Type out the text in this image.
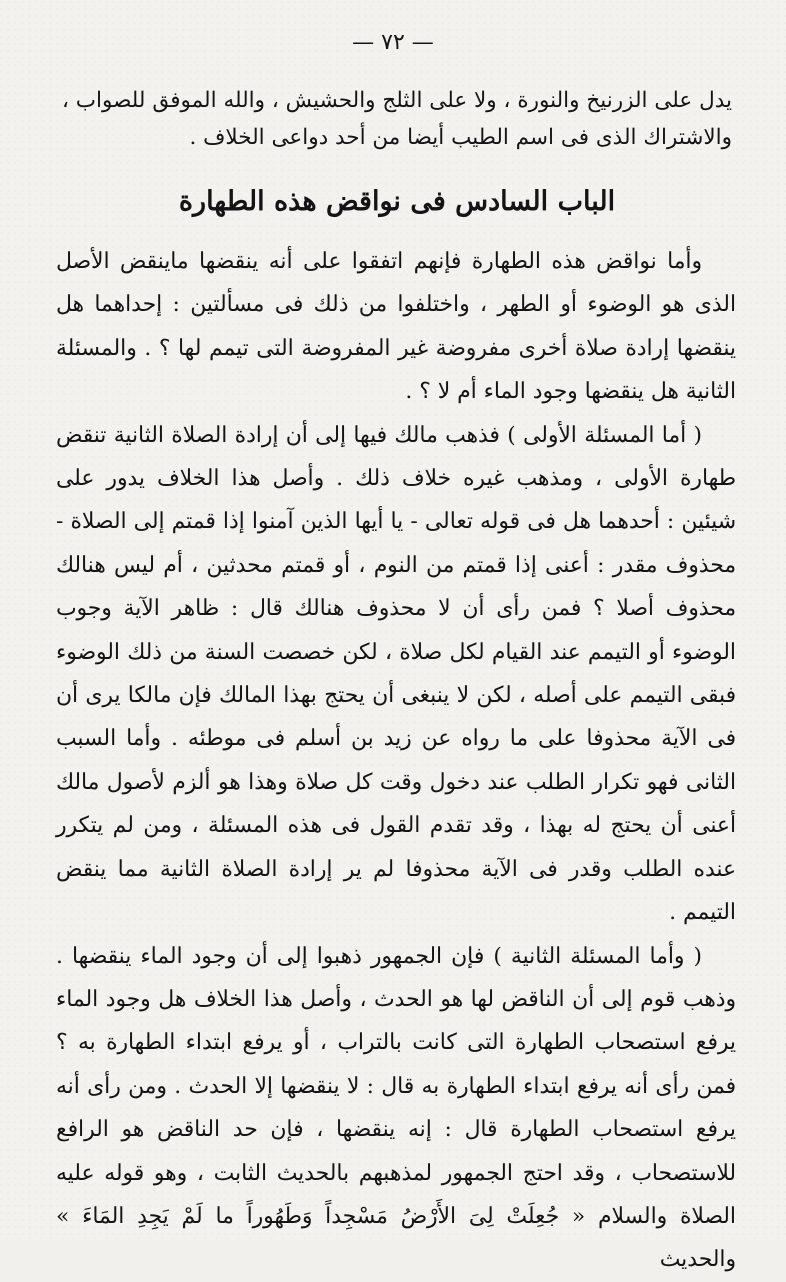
— ٧٢ —
يدل على الزرنيخ والنورة ، ولا على الثلج والحشيش ، والله الموفق للصواب ، والاشتراك الذى فى اسم الطيب أيضا من أحد دواعى الخلاف .
الباب السادس فى نواقض هذه الطهارة

وأما نواقض هذه الطهارة فإنهم اتفقوا على أنه ينقضها ماينقض الأصل الذى هو الوضوء أو الطهر ، واختلفوا من ذلك فى مسألتين : إحداهما هل ينقضها إرادة صلاة أخرى مفروضة غير المفروضة التى تيمم لها ؟ . والمسئلة الثانية هل ينقضها وجود الماء أم لا ؟ .

( أما المسئلة الأولى ) فذهب مالك فيها إلى أن إرادة الصلاة الثانية تنقض طهارة الأولى ، ومذهب غيره خلاف ذلك . وأصل هذا الخلاف يدور على شيئين : أحدهما هل فى قوله تعالى - يا أيها الذين آمنوا إذا قمتم إلى الصلاة - محذوف مقدر : أعنى إذا قمتم من النوم ، أو قمتم محدثين ، أم ليس هنالك محذوف أصلا ؟ فمن رأى أن لا محذوف هنالك قال : ظاهر الآية وجوب الوضوء أو التيمم عند القيام لكل صلاة ، لكن خصصت السنة من ذلك الوضوء فبقى التيمم على أصله ، لكن لا ينبغى أن يحتج بهذا المالك فإن مالكا يرى أن فى الآية محذوفا على ما رواه عن زيد بن أسلم فى موطئه . وأما السبب الثانى فهو تكرار الطلب عند دخول وقت كل صلاة وهذا هو ألزم لأصول مالك أعنى أن يحتج له بهذا ، وقد تقدم القول فى هذه المسئلة ، ومن لم يتكرر عنده الطلب وقدر فى الآية محذوفا لم ير إرادة الصلاة الثانية مما ينقض التيمم .

( وأما المسئلة الثانية ) فإن الجمهور ذهبوا إلى أن وجود الماء ينقضها . وذهب قوم إلى أن الناقض لها هو الحدث ، وأصل هذا الخلاف هل وجود الماء يرفع استصحاب الطهارة التى كانت بالتراب ، أو يرفع ابتداء الطهارة به ؟ فمن رأى أنه يرفع ابتداء الطهارة به قال : لا ينقضها إلا الحدث . ومن رأى أنه يرفع استصحاب الطهارة قال : إنه ينقضها ، فإن حد الناقض هو الرافع للاستصحاب ، وقد احتج الجمهور لمذهبهم بالحديث الثابت ، وهو قوله عليه الصلاة والسلام « جُعِلَتْ لِىَ الأَرْضُ مَسْجِداً وَطَهُوراً ما لَمْ يَجِدِ المَاءَ » والحديث
